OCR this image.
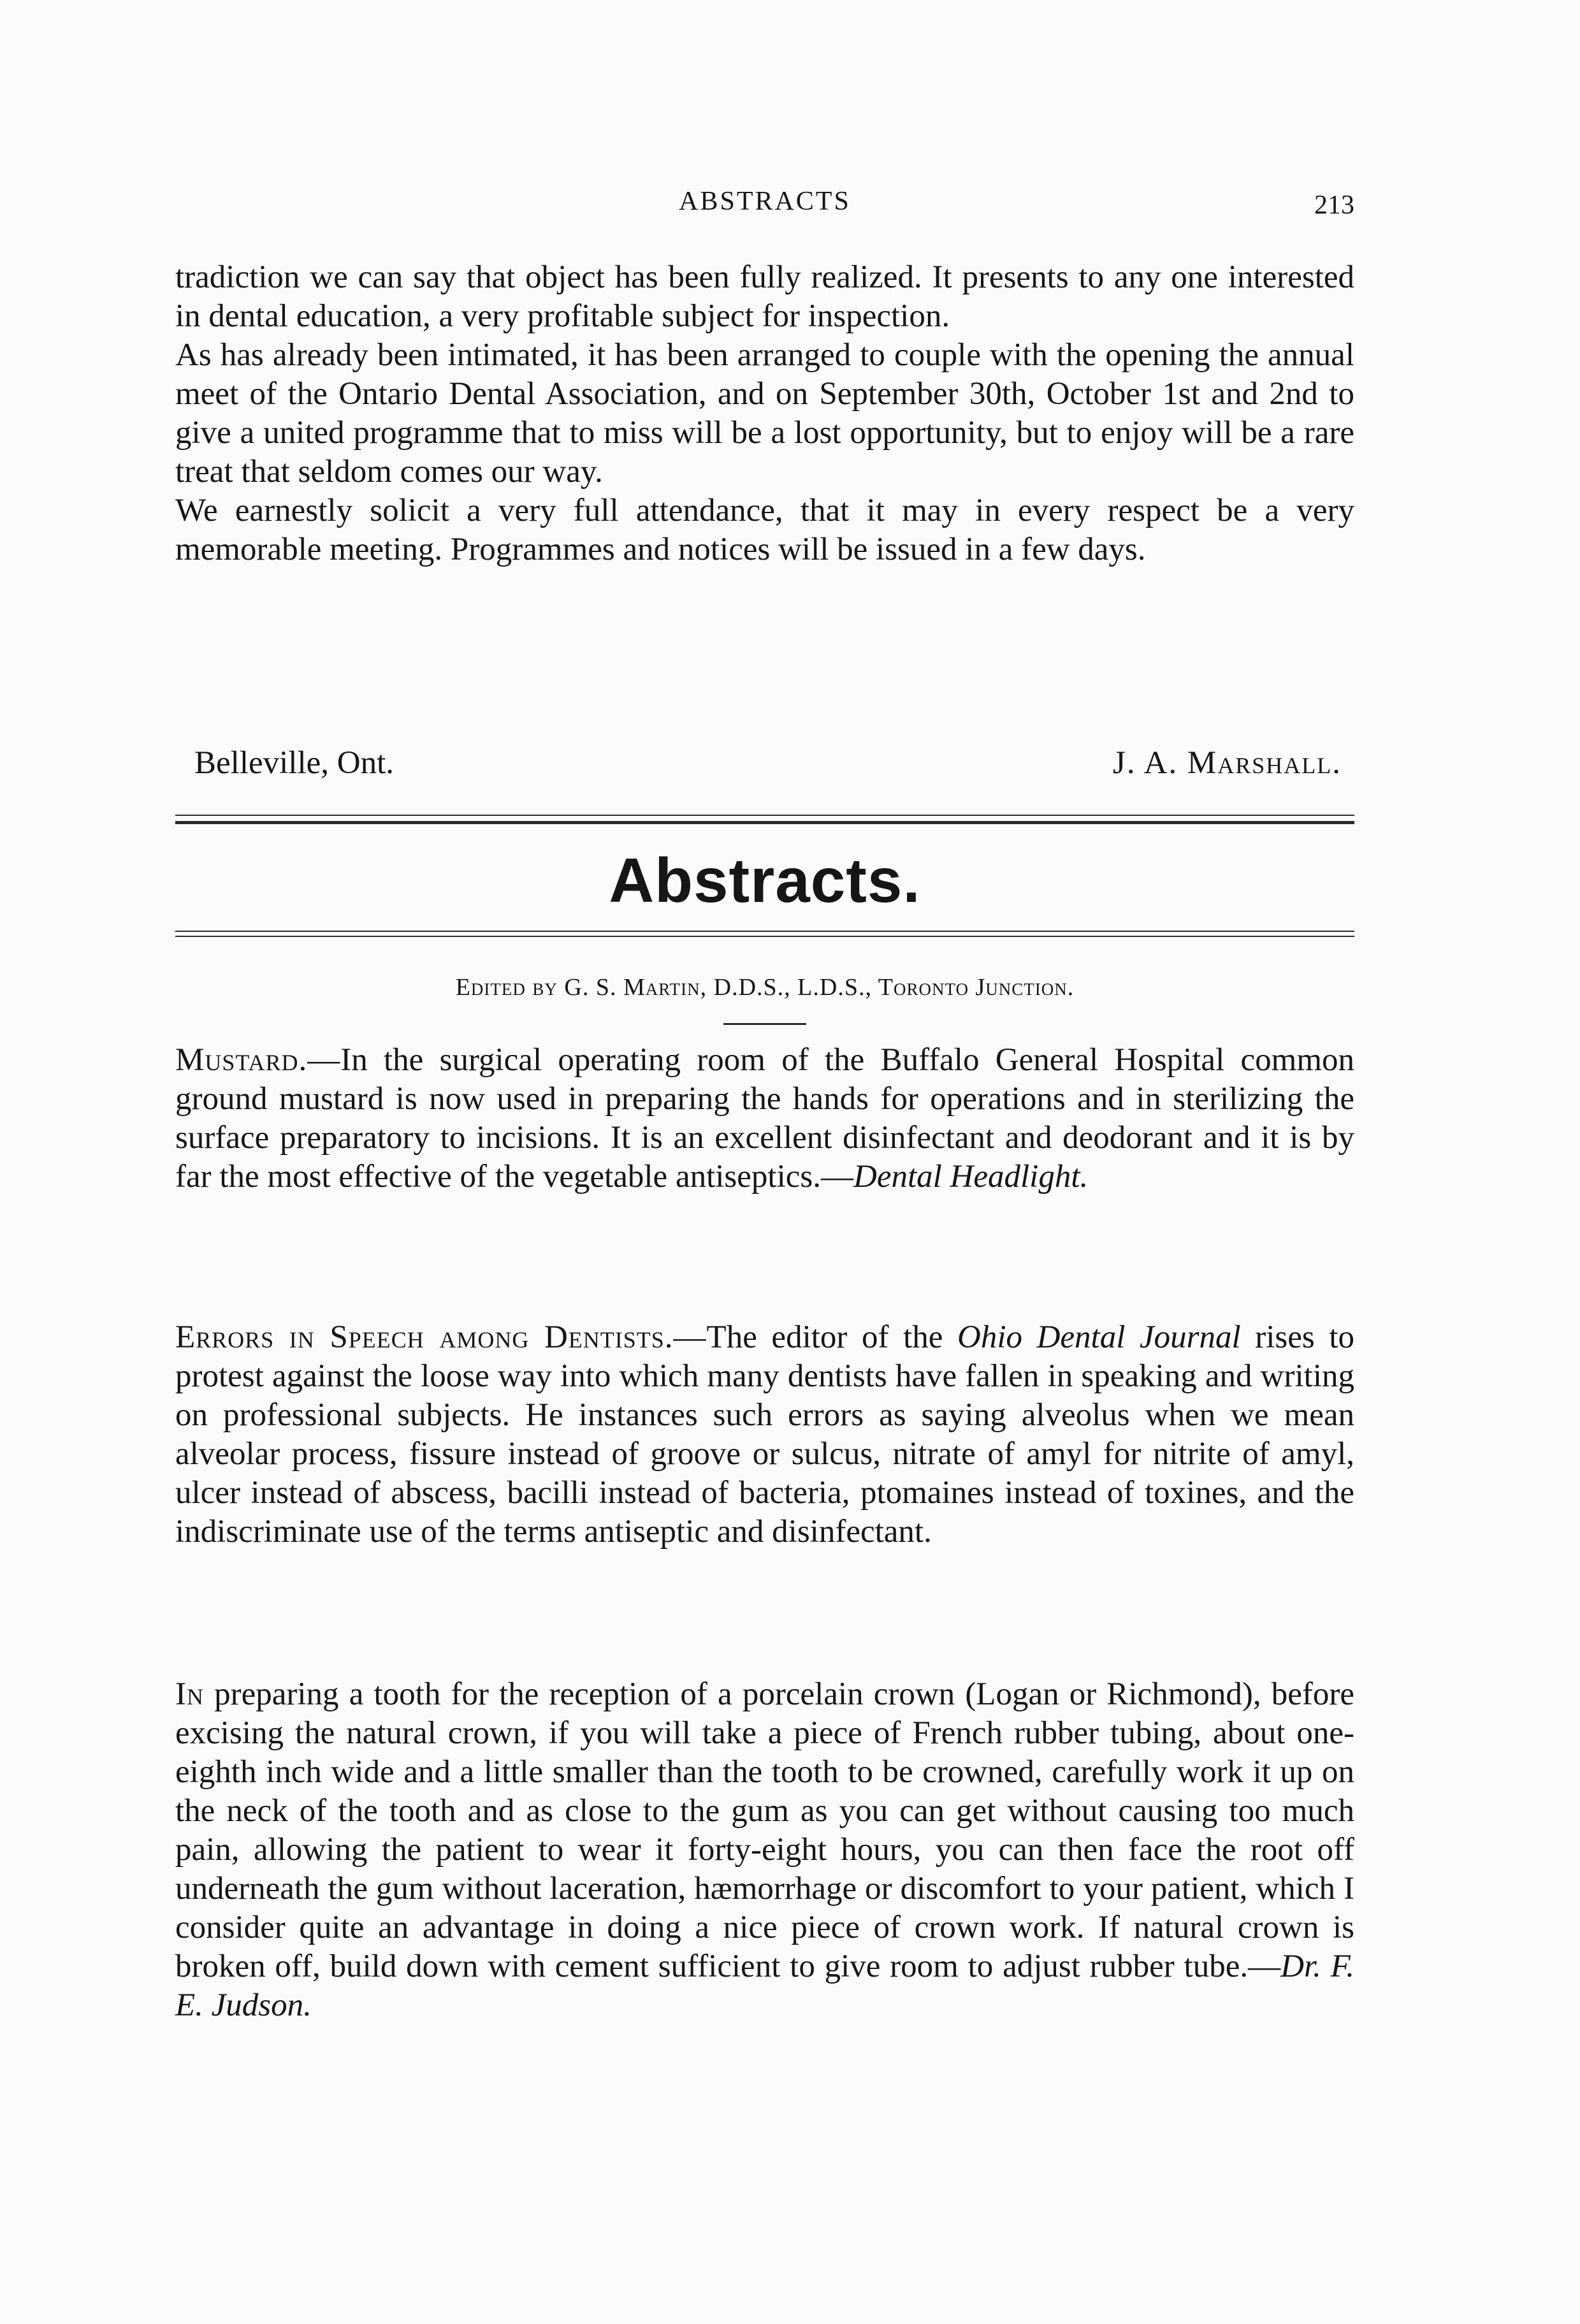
ABSTRACTS	213

tradiction we can say that object has been fully realized. It presents to any one interested in dental education, a very profitable subject for inspection.

As has already been intimated, it has been arranged to couple with the opening the annual meet of the Ontario Dental Association, and on September 30th, October 1st and 2nd to give a united programme that to miss will be a lost opportunity, but to enjoy will be a rare treat that seldom comes our way.

We earnestly solicit a very full attendance, that it may in every respect be a very memorable meeting. Programmes and notices will be issued in a few days.

Belleville, Ont.	J. A. Marshall.
Abstracts.
Edited by G. S. Martin, D.D.S., L.D.S., Toronto Junction.

Mustard.—In the surgical operating room of the Buffalo General Hospital common ground mustard is now used in preparing the hands for operations and in sterilizing the surface preparatory to incisions. It is an excellent disinfectant and deodorant and it is by far the most effective of the vegetable antiseptics.—Dental Headlight.

Errors in Speech among Dentists.—The editor of the Ohio Dental Journal rises to protest against the loose way into which many dentists have fallen in speaking and writing on professional subjects. He instances such errors as saying alveolus when we mean alveolar process, fissure instead of groove or sulcus, nitrate of amyl for nitrite of amyl, ulcer instead of abscess, bacilli instead of bacteria, ptomaines instead of toxines, and the indiscriminate use of the terms antiseptic and disinfectant.

In preparing a tooth for the reception of a porcelain crown (Logan or Richmond), before excising the natural crown, if you will take a piece of French rubber tubing, about one-eighth inch wide and a little smaller than the tooth to be crowned, carefully work it up on the neck of the tooth and as close to the gum as you can get without causing too much pain, allowing the patient to wear it forty-eight hours, you can then face the root off underneath the gum without laceration, hæmorrhage or discomfort to your patient, which I consider quite an advantage in doing a nice piece of crown work. If natural crown is broken off, build down with cement sufficient to give room to adjust rubber tube.—Dr. F. E. Judson.
